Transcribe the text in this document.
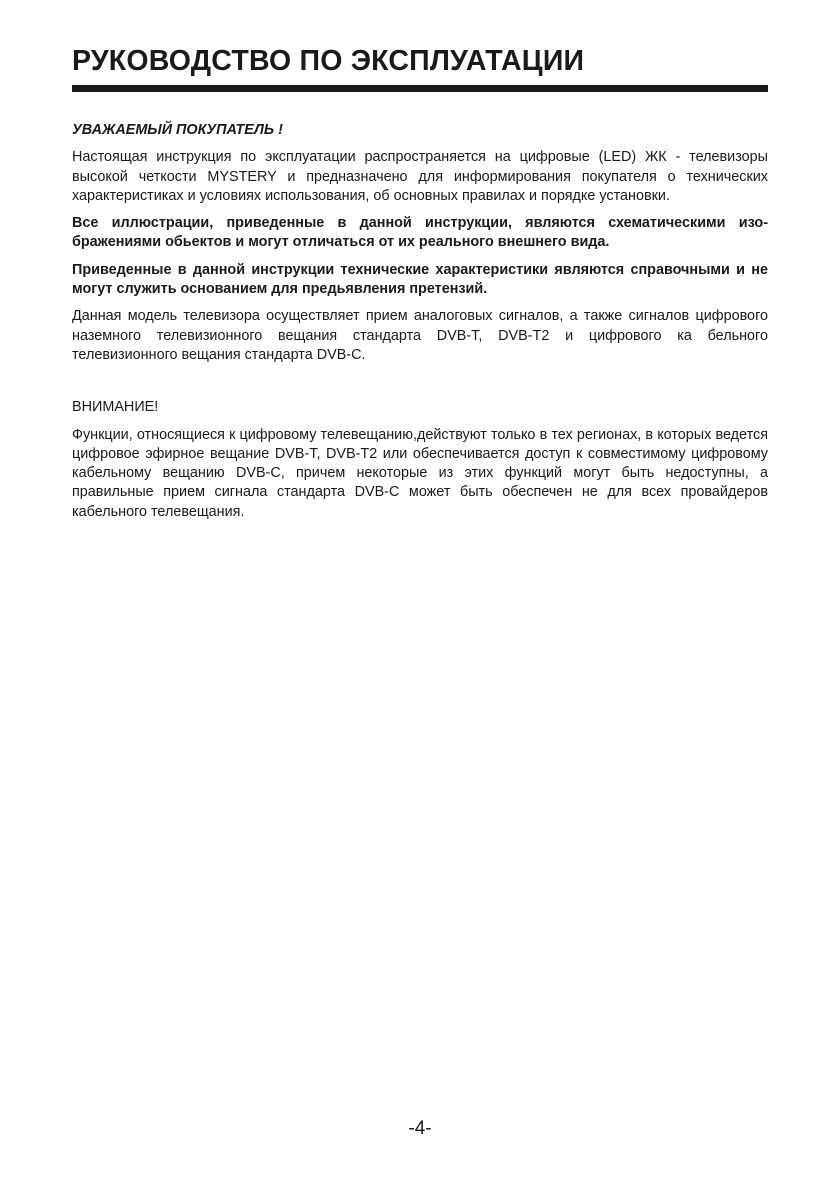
РУКОВОДСТВО ПО ЭКСПЛУАТАЦИИ

УВАЖАЕМЫЙ ПОКУПАТЕЛЬ !

Настоящая инструкция по эксплуатации распространяется на цифровые (LED) ЖК - телевизоры высокой четкости MYSTERY и предназначено для информирования покупателя о технических характеристиках и условиях использования, об основных правилах и порядке установки.

Все иллюстрации, приведенные в данной инструкции, являются схематическими изображениями обьектов и могут отличаться от их реального внешнего вида.

Приведенные в данной инструкции технические характеристики являются справочными и не могут служить основанием для предьявления претензий.

Данная модель телевизора осуществляет прием аналоговых сигналов, а также сигналов цифрового наземного телевизионного вещания стандарта DVB-T, DVB-T2 и цифрового ка бельного телевизионного вещания стандарта DVB-C.

ВНИМАНИЕ!

Функции, относящиеся к цифровому телевещанию,действуют только в тех регионах, в которых ведется цифровое эфирное вещание DVB-T, DVB-T2 или обеспечивается доступ к совместимому цифровому кабельному вещанию DVB-C, причем некоторые из этих функций могут быть недоступны, а правильные прием сигнала стандарта DVB-C может быть обеспечен не для всех провайдеров кабельного телевещания.

-4-
